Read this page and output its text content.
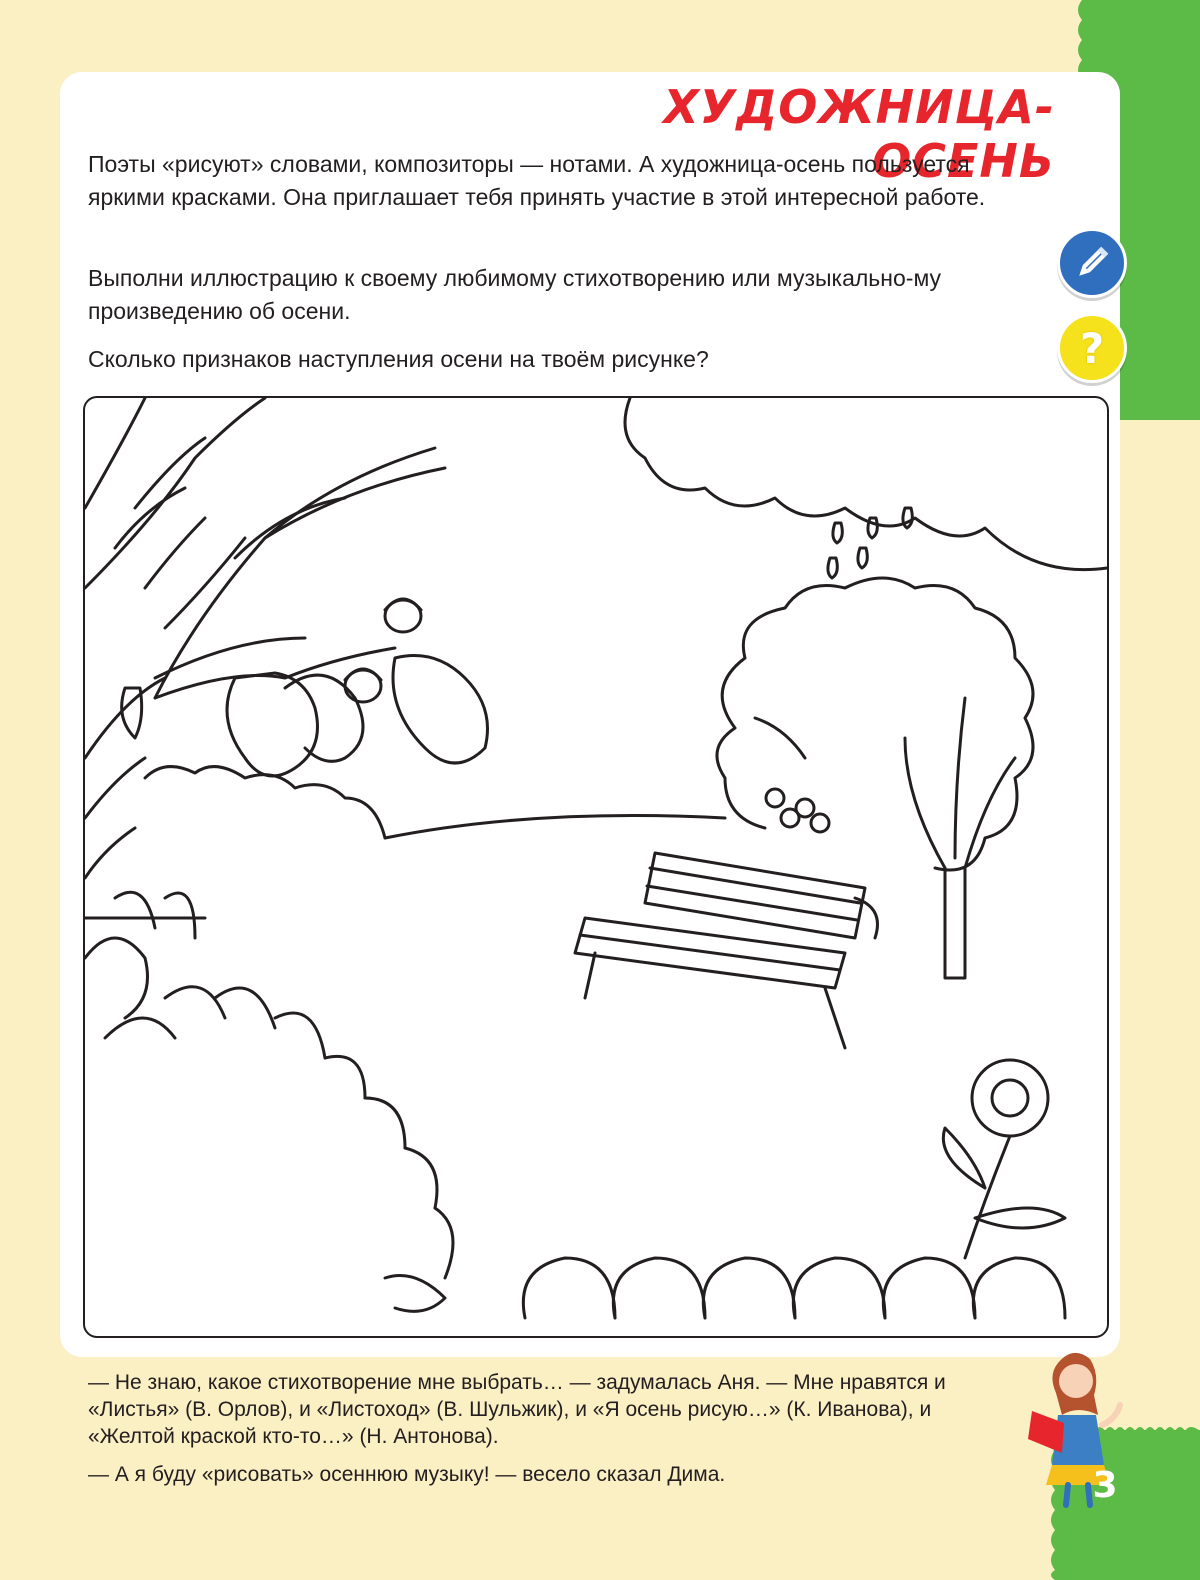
ХУДОЖНИЦА-ОСЕНЬ

Поэты «рисуют» словами, композиторы — нотами. А художница-осень пользуется яркими красками. Она приглашает тебя принять участие в этой интересной работе.

Выполни иллюстрацию к своему любимому стихотворению или музыкально-му произведению об осени.

Сколько признаков наступления осени на твоём рисунке?	?

— Не знаю, какое стихотворение мне выбрать… — задумалась Аня. — Мне нравятся и «Листья» (В. Орлов), и «Листоход» (В. Шульжик), и «Я осень рисую…» (К. Иванова), и «Желтой краской кто-то…» (Н. Антонова).

— А я буду «рисовать» осеннюю музыку! — весело сказал Дима.	3
